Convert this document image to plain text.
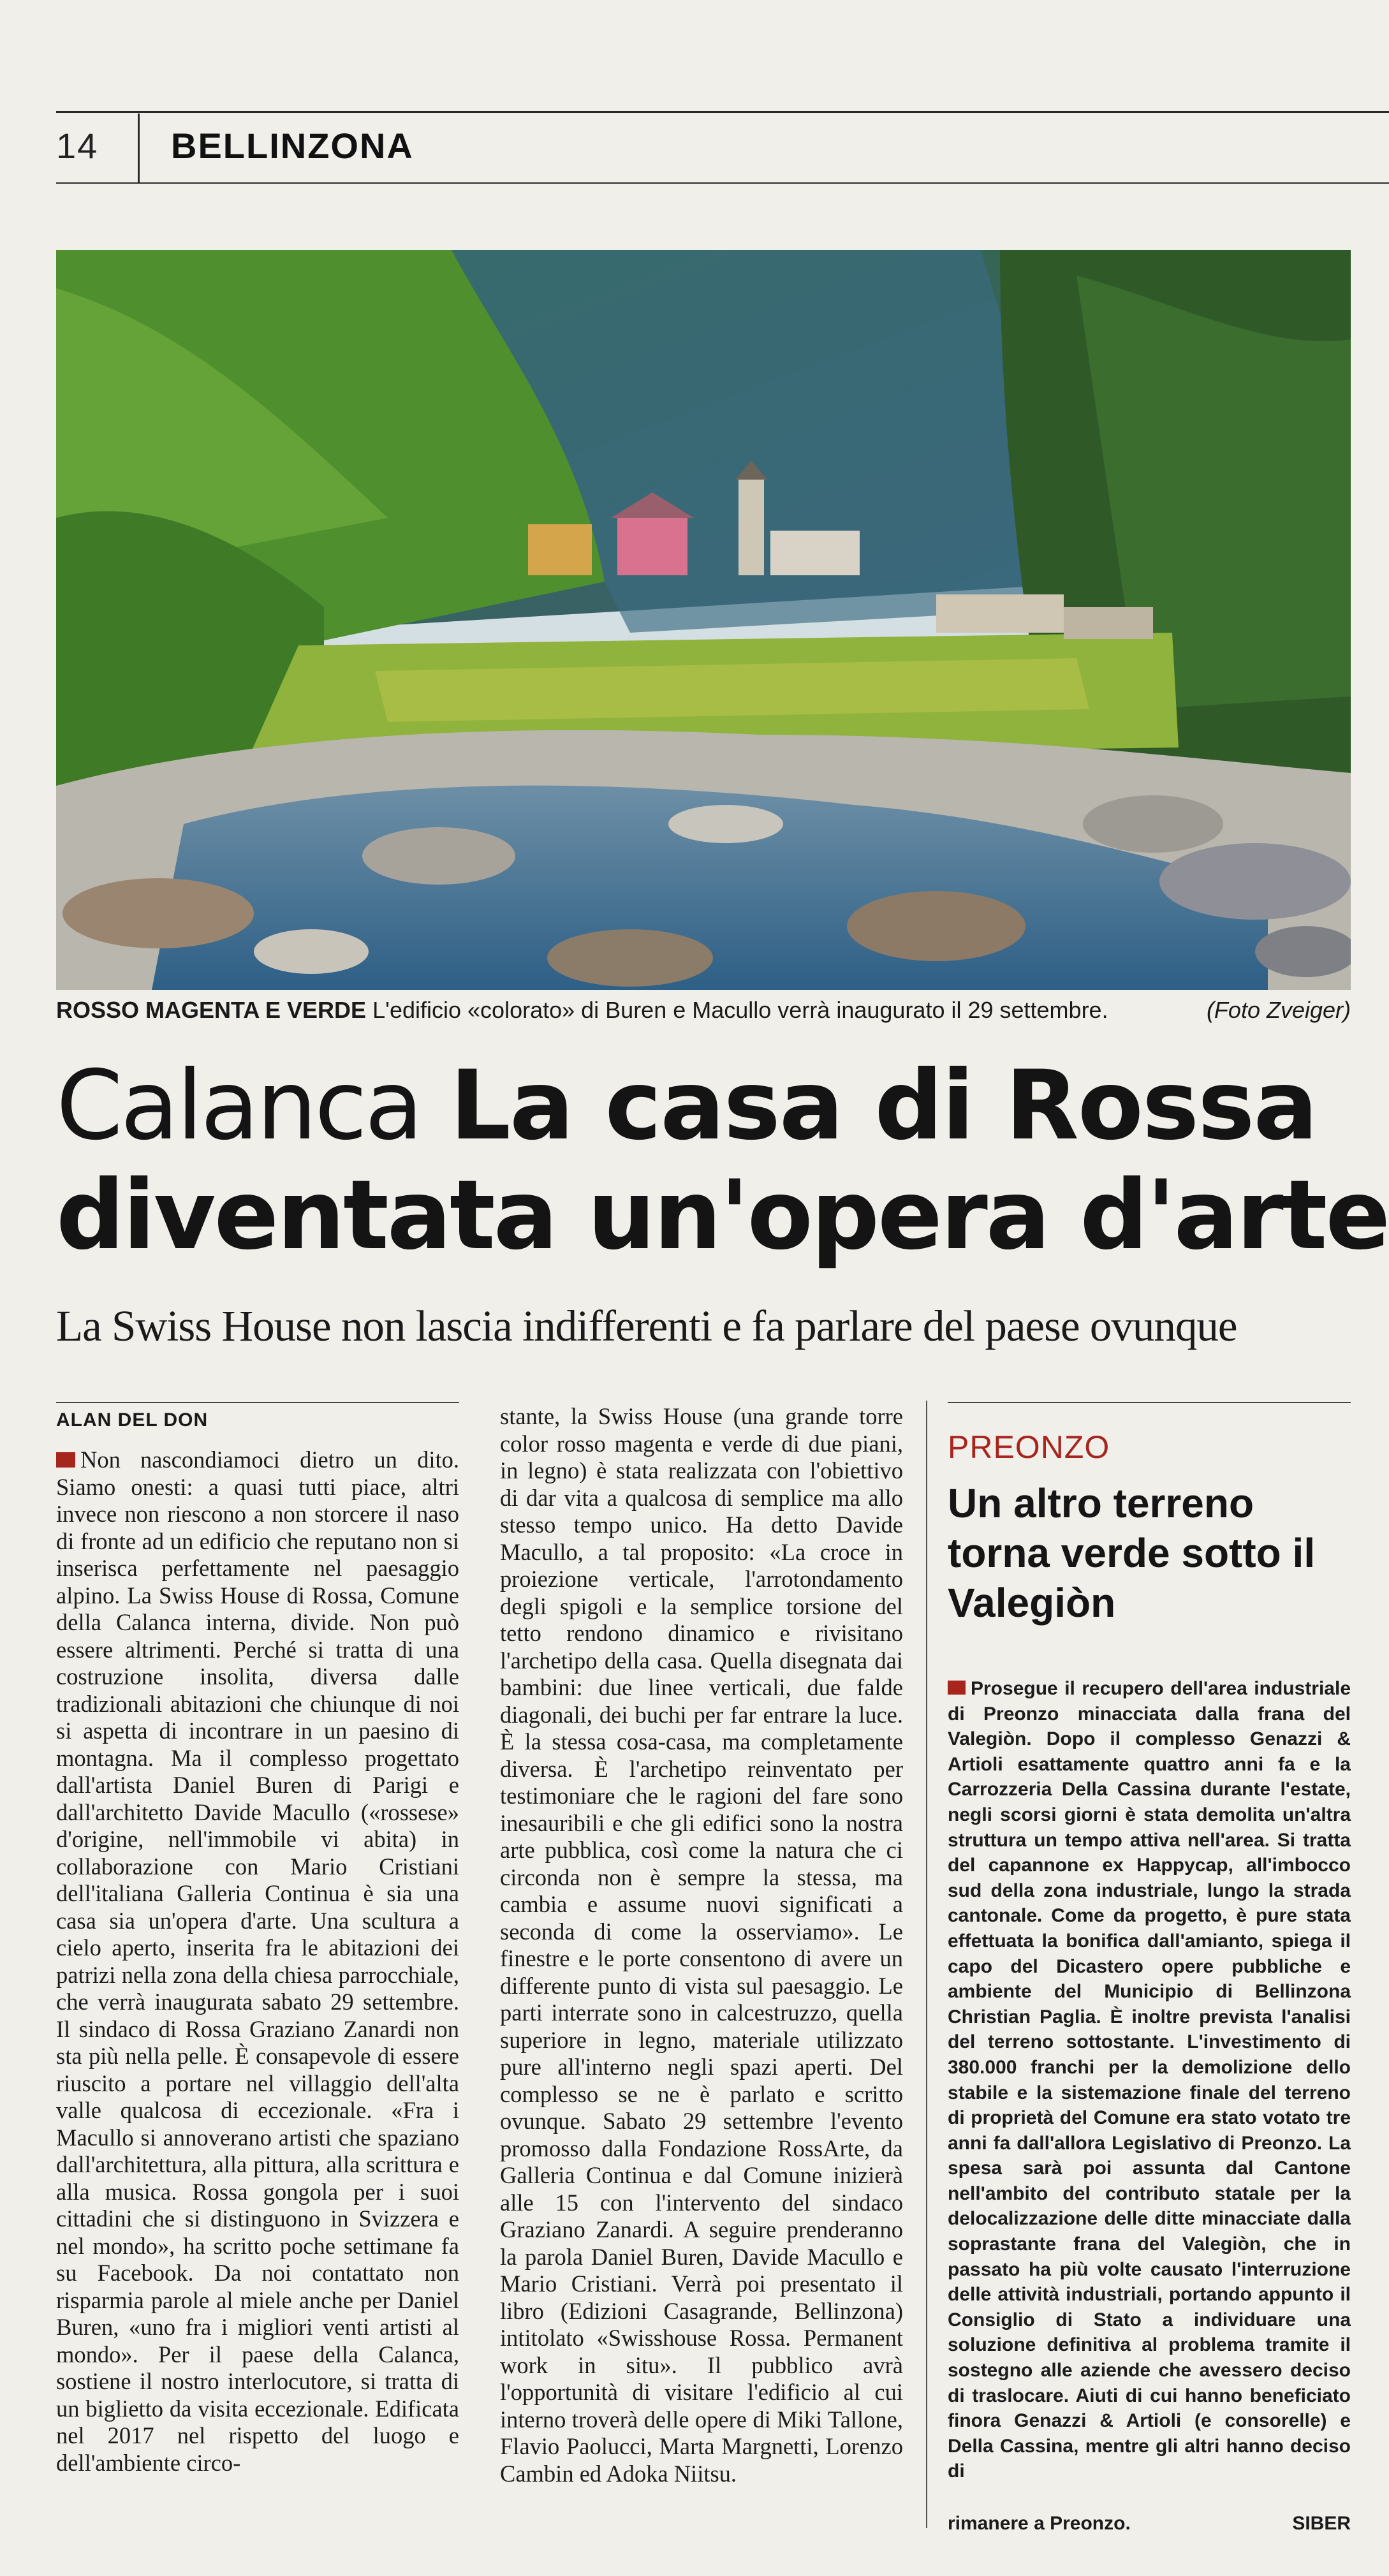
14 BELLINZONA
ROSSO MAGENTA E VERDE L'edificio «colorato» di Buren e Macullo verrà inaugurato il 29 settembre.	(Foto Zveiger)
Calanca La casa di Rossa
diventata un'opera d'arte
La Swiss House non lascia indifferenti e fa parlare del paese ovunque
ALAN DEL DON
Non nascondiamoci dietro un dito. Siamo onesti: a quasi tutti piace, altri invece non riescono a non storcere il naso di fronte ad un edificio che reputano non si inserisca perfettamente nel paesaggio alpino. La Swiss House di Rossa, Comune della Calanca interna, divide. Non può essere altrimenti. Perché si tratta di una costruzione insolita, diversa dalle tradizionali abitazioni che chiunque di noi si aspetta di incontrare in un paesino di montagna. Ma il complesso progettato dall'artista Daniel Buren di Parigi e dall'architetto Davide Macullo («rossese» d'origine, nell'immobile vi abita) in collaborazione con Mario Cristiani dell'italiana Galleria Continua è sia una casa sia un'opera d'arte. Una scultura a cielo aperto, inserita fra le abitazioni dei patrizi nella zona della chiesa parrocchiale, che verrà inaugurata sabato 29 settembre. Il sindaco di Rossa Graziano Zanardi non sta più nella pelle. È consapevole di essere riuscito a portare nel villaggio dell'alta valle qualcosa di eccezionale. «Fra i Macullo si annoverano artisti che spaziano dall'architettura, alla pittura, alla scrittura e alla musica. Rossa gongola per i suoi cittadini che si distinguono in Svizzera e nel mondo», ha scritto poche settimane fa su Facebook. Da noi contattato non risparmia parole al miele anche per Daniel Buren, «uno fra i migliori venti artisti al mondo». Per il paese della Calanca, sostiene il nostro interlocutore, si tratta di un biglietto da visita eccezionale. Edificata nel 2017 nel rispetto del luogo e dell'ambiente circo-
stante, la Swiss House (una grande torre color rosso magenta e verde di due piani, in legno) è stata realizzata con l'obiettivo di dar vita a qualcosa di semplice ma allo stesso tempo unico. Ha detto Davide Macullo, a tal proposito: «La croce in proiezione verticale, l'arrotondamento degli spigoli e la semplice torsione del tetto rendono dinamico e rivisitano l'archetipo della casa. Quella disegnata dai bambini: due linee verticali, due falde diagonali, dei buchi per far entrare la luce. È la stessa cosa-casa, ma completamente diversa. È l'archetipo reinventato per testimoniare che le ragioni del fare sono inesauribili e che gli edifici sono la nostra arte pubblica, così come la natura che ci circonda non è sempre la stessa, ma cambia e assume nuovi significati a seconda di come la osserviamo». Le finestre e le porte consentono di avere un differente punto di vista sul paesaggio. Le parti interrate sono in calcestruzzo, quella superiore in legno, materiale utilizzato pure all'interno negli spazi aperti. Del complesso se ne è parlato e scritto ovunque. Sabato 29 settembre l'evento promosso dalla Fondazione RossArte, da Galleria Continua e dal Comune inizierà alle 15 con l'intervento del sindaco Graziano Zanardi. A seguire prenderanno la parola Daniel Buren, Davide Macullo e Mario Cristiani. Verrà poi presentato il libro (Edizioni Casagrande, Bellinzona) intitolato «Swisshouse Rossa. Permanent work in situ». Il pubblico avrà l'opportunità di visitare l'edificio al cui interno troverà delle opere di Miki Tallone, Flavio Paolucci, Marta Margnetti, Lorenzo Cambin ed Adoka Niitsu.
PREONZO
Un altro terreno torna verde sotto il Valegiòn
Prosegue il recupero dell'area industriale di Preonzo minacciata dalla frana del Valegiòn. Dopo il complesso Genazzi & Artioli esattamente quattro anni fa e la Carrozzeria Della Cassina durante l'estate, negli scorsi giorni è stata demolita un'altra struttura un tempo attiva nell'area. Si tratta del capannone ex Happycap, all'imbocco sud della zona industriale, lungo la strada cantonale. Come da progetto, è pure stata effettuata la bonifica dall'amianto, spiega il capo del Dicastero opere pubbliche e ambiente del Municipio di Bellinzona Christian Paglia. È inoltre prevista l'analisi del terreno sottostante. L'investimento di 380.000 franchi per la demolizione dello stabile e la sistemazione finale del terreno di proprietà del Comune era stato votato tre anni fa dall'allora Legislativo di Preonzo. La spesa sarà poi assunta dal Cantone nell'ambito del contributo statale per la delocalizzazione delle ditte minacciate dalla soprastante frana del Valegiòn, che in passato ha più volte causato l'interruzione delle attività industriali, portando appunto il Consiglio di Stato a individuare una soluzione definitiva al problema tramite il sostegno alle aziende che avessero deciso di traslocare. Aiuti di cui hanno beneficiato finora Genazzi & Artioli (e consorelle) e Della Cassina, mentre gli altri hanno deciso di
rimanere a Preonzo.	SIBER
